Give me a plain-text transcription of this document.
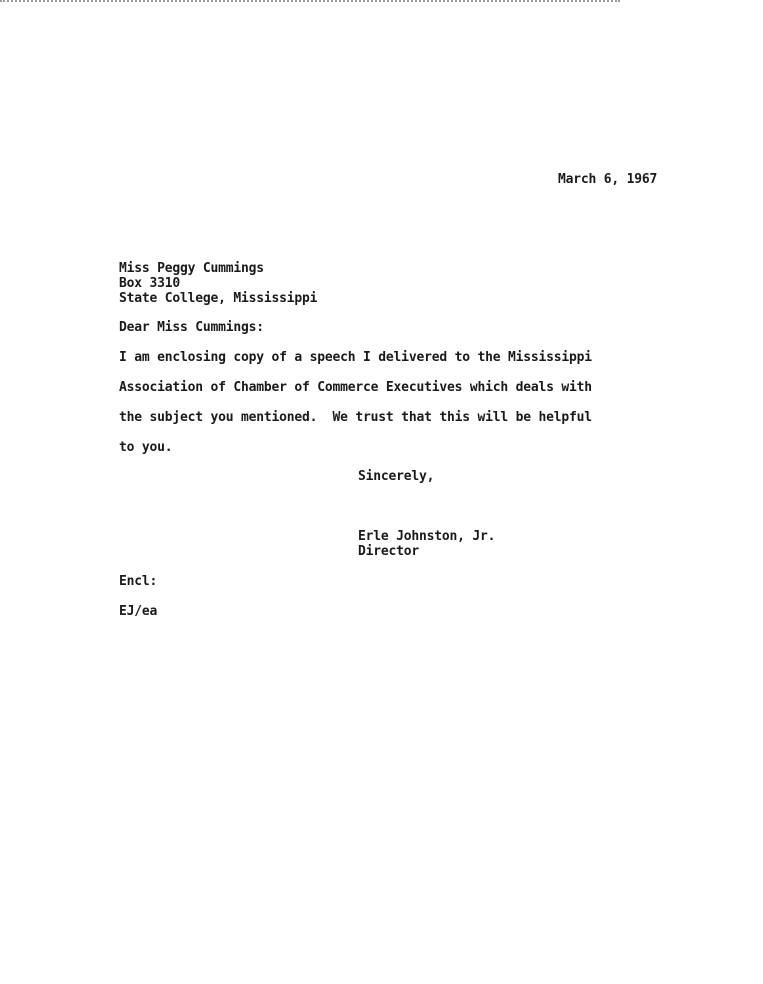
March 6, 1967
Miss Peggy Cummings
Box 3310
State College, Mississippi
Dear Miss Cummings:
I am enclosing copy of a speech I delivered to the Mississippi
Association of Chamber of Commerce Executives which deals with
the subject you mentioned.  We trust that this will be helpful
to you.
Sincerely,
Erle Johnston, Jr.
Director
Encl:
EJ/ea
